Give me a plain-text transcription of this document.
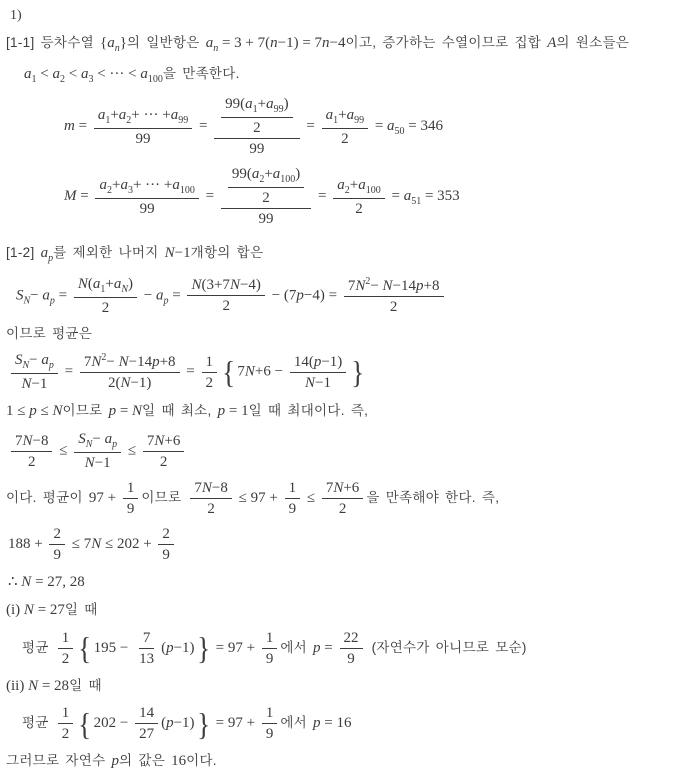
1)
[1-1] 등차수열 $\{a_n\}$의 일반항은 $a_n = 3 + 7(n-1) = 7n-4$이고, 증가하는 수열이므로 집합 A의 원소들은
$a_1 < a_2 < a_3$ < ··· < $a_{100}$을 만족한다.
$m = \frac{a_1+a_2+ \cdot\cdot\cdot +a_{99}}{99} = \frac{\frac{99(a_1+a_{99})}{2}}{99} = \frac{a_1+a_{99}}{2} = a_{50} = 346$
$M = \frac{a_2+a_3+ \cdot\cdot\cdot +a_{100}}{99} = \frac{\frac{99(a_2+a_{100})}{2}}{99} = \frac{a_2+a_{100}}{2} = a_{51} = 353$
[1-2] $a_p$를 제외한 나머지 N−1개항의 합은
$S_N- a_p = \frac{N(a_1+a_N)}{2} - a_p = \frac{N(3+7N-4)}{2} - (7p-4) = \frac{7N^2- N-14p+8}{2}$
이므로 평균은
$\frac{S_N- a_p}{N-1} = \frac{7N^2- N-14p+8}{2(N-1)} = \frac{1}{2}$ { $7N+6 - \frac{14(p-1)}{N-1}$ }
1 ≤ p ≤ N이므로 p = N일 때 최소, p = 1일 때 최대이다. 즉,
$\frac{7N-8}{2} \le \frac{S_N- a_p}{N-1} \le \frac{7N+6}{2}$
이다. 평균이 $97 + \frac{1}{9}$ 이므로 $\frac{7N-8}{2} \le 97 + \frac{1}{9} \le \frac{7N+6}{2}$ 을 만족해야 한다. 즉,
$188 + \frac{2}{9} \le 7N \le 202 + \frac{2}{9}$
∴ N = 27, 28
(i) N = 27일 때
평균 $\frac{1}{2}$ { $195 - \frac{7}{13} (p-1)\} = 97 + \frac{1}{9}$ 에서 $p = \frac{22}{9}$ (자연수가 아니므로 모순)
(ii) N = 28일 때
평균 $\frac{1}{2}$ { $202 - \frac{14}{27} (p-1)\} = 97 + \frac{1}{9}$ 에서 p = 16
그러므로 자연수 p의 값은 16이다.
